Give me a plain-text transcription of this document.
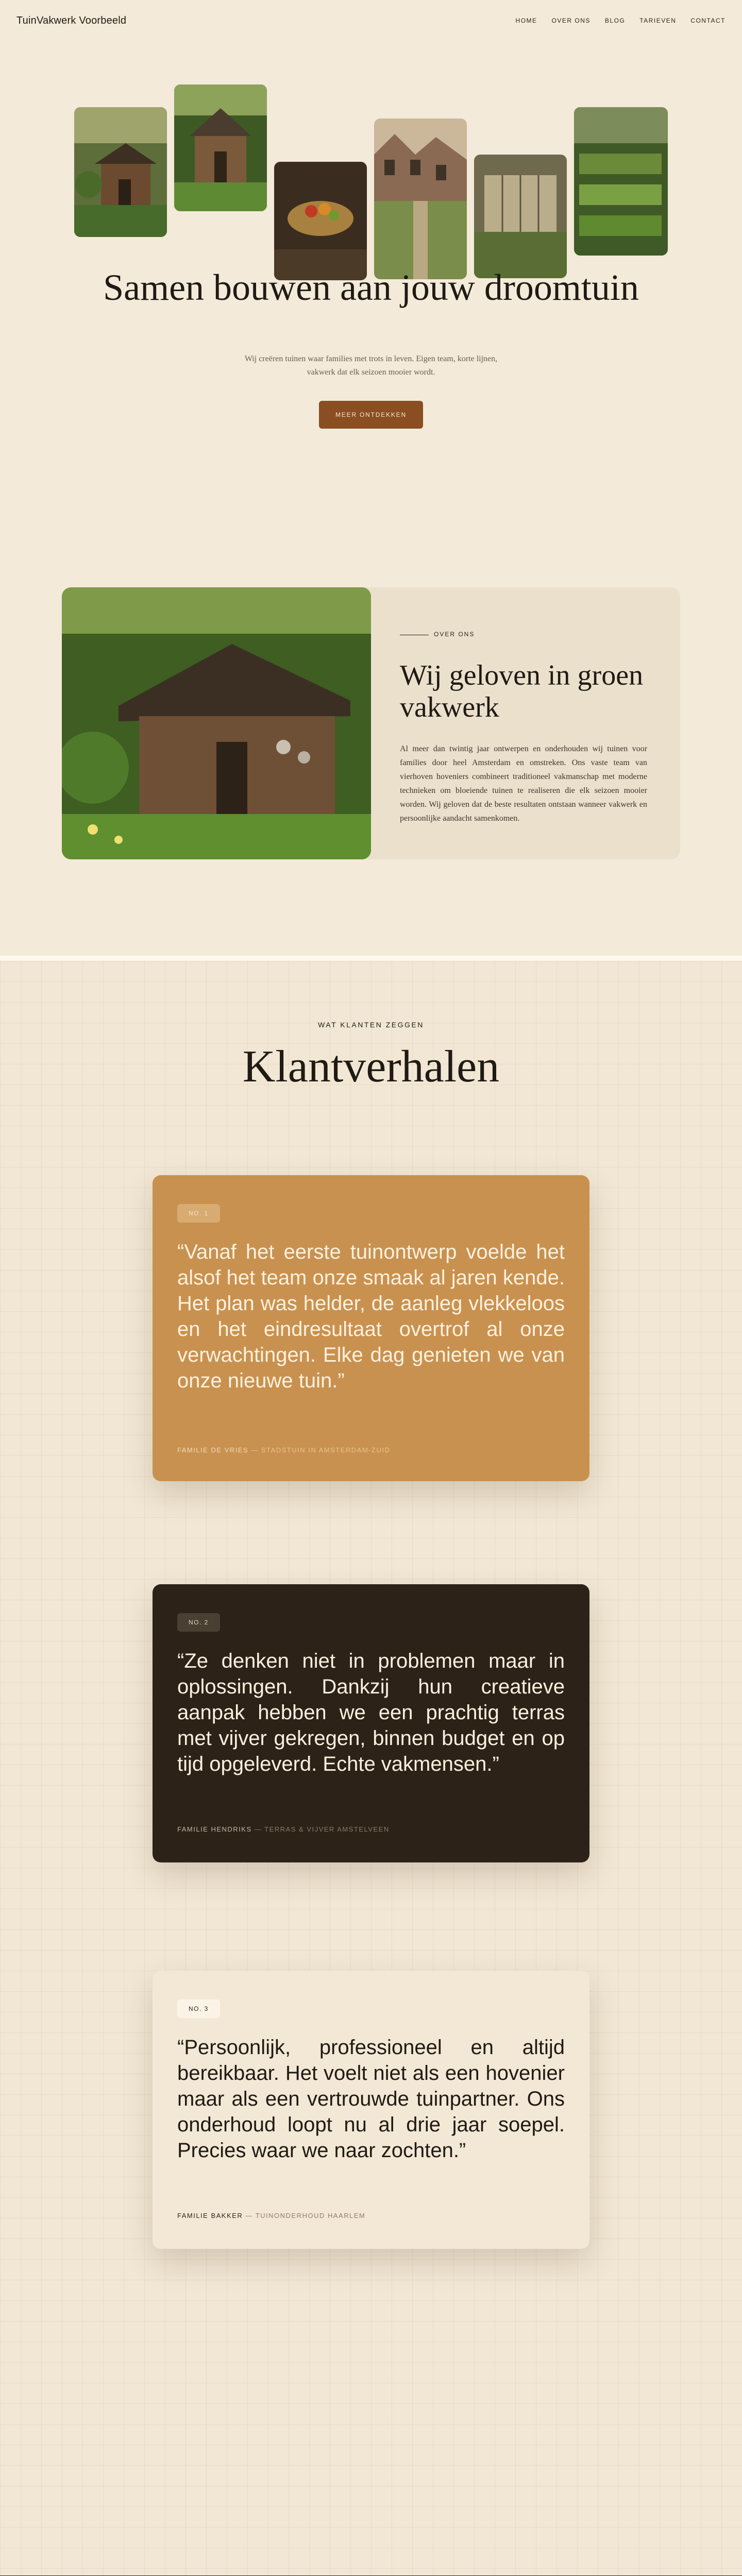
TuinVakwerk Voorbeeld	HOME OVER ONS BLOG TARIEVEN CONTACT
Samen bouwen aan jouw droomtuin

Wij creëren tuinen waar families met trots in leven. Eigen team, korte lijnen, vakwerk dat elk seizoen mooier wordt.

MEER ONTDEKKEN
OVER ONS
Wij geloven in groen vakwerk

Al meer dan twintig jaar ontwerpen en onderhouden wij tuinen voor families door heel Amsterdam en omstreken. Ons vaste team van vierhoven hoveniers combineert traditioneel vakmanschap met moderne technieken om bloeiende tuinen te realiseren die elk seizoen mooier worden. Wij geloven dat de beste resultaten ontstaan wanneer vakwerk en persoonlijke aandacht samenkomen.

WAT KLANTEN ZEGGEN
Klantverhalen
NO. 1

“Vanaf het eerste tuinontwerp voelde het alsof het team onze smaak al jaren kende. Het plan was helder, de aanleg vlekkeloos en het eindresultaat overtrof al onze verwachtingen. Elke dag genieten we van onze nieuwe tuin.”

FAMILIE DE VRIES — STADSTUIN IN AMSTERDAM-ZUID
NO. 2

“Ze denken niet in problemen maar in oplossingen. Dankzij hun creatieve aanpak hebben we een prachtig terras met vijver gekregen, binnen budget en op tijd opgeleverd. Echte vakmensen.”

FAMILIE HENDRIKS — TERRAS & VIJVER AMSTELVEEN
NO. 3

“Persoonlijk, professioneel en altijd bereikbaar. Het voelt niet als een hovenier maar als een vertrouwde tuinpartner. Ons onderhoud loopt nu al drie jaar soepel. Precies waar we naar zochten.”

FAMILIE BAKKER — TUINONDERHOUD HAARLEM
